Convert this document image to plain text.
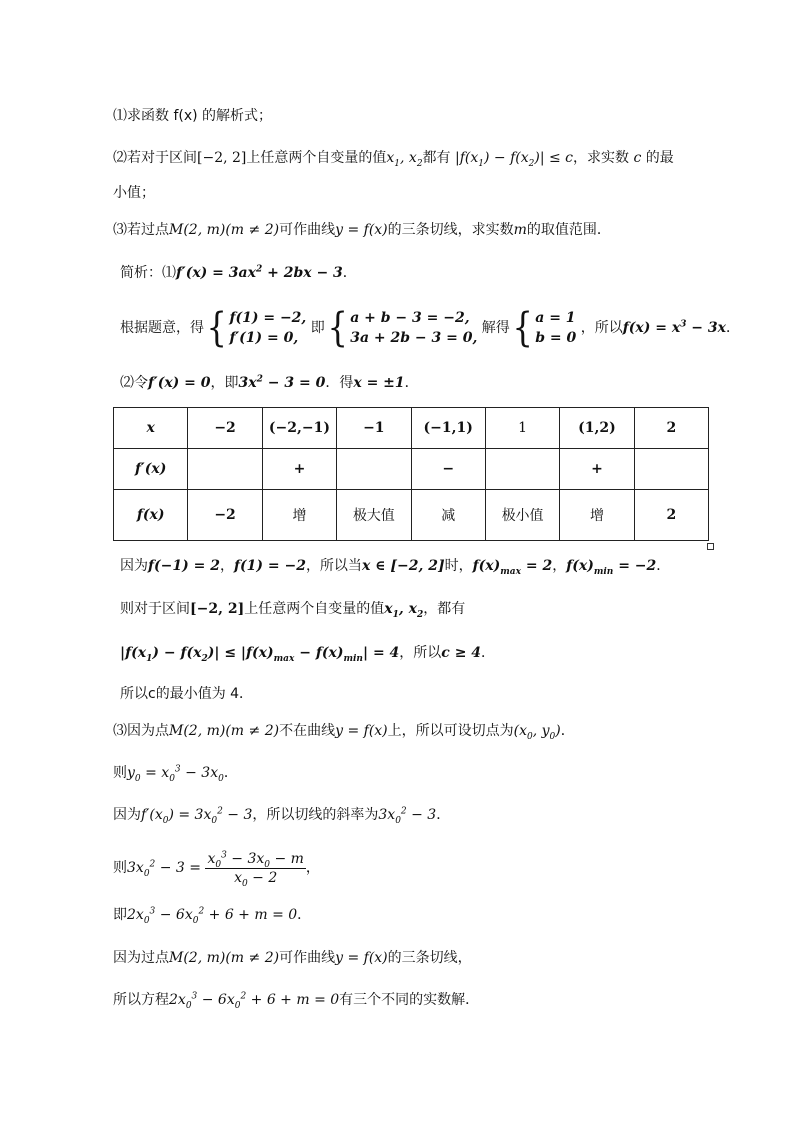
⑴求函数 f(x) 的解析式；
⑵若对于区间[−2, 2]上任意两个自变量的值$x_1$, $x_2$都有 $|f(x_1) - f(x_2)| \le c$，求实数 c 的最
小值；
⑶若过点M(2, m)(m ≠ 2)可作曲线y = f(x)的三条切线，求实数m的取值范围．
简析：⑴f′(x) = $3ax^2 + 2bx - 3$．
根据题意，得{ f(1) = −2,
f′(1) = 0,
即{ a + b − 3 = −2,
3a + 2b − 3 = 0,
解得{ a = 1
b = 0
，所以$f(x) = x^3 - 3x$．
⑵令f′(x) = 0，即$3x^2 - 3 = 0$．得x = ±1．
x	−2	(−2,−1)	−1	(−1,1)	1	(1,2)	2
f′(x)		+		−		+	
f(x)	−2	增	极大值	减	极小值	增	2
因为f(−1) = 2，f(1) = −2，所以当x ∈ [−2, 2]时，$f(x)_{max} = 2$，$f(x)_{min} = -2$．
则对于区间[−2, 2]上任意两个自变量的值$x_1$, $x_2$，都有
$|f(x_1) - f(x_2)| \le |f(x)_{max} - f(x)_{min}| = 4$，所以c ≥ 4．
所以c的最小值为 4．
⑶因为点M(2, m)(m ≠ 2)不在曲线y = f(x)上，所以可设切点为($x_0$, $y_0$)．
则$y_0 = x_0^3 - 3x_0$．
因为$f'(x_0) = 3x_0^2 - 3$，所以切线的斜率为$3x_0^2 - 3$．
则$3x_0^2 - 3 = \frac{x_0^3 - 3x_0 - m}{x_0 - 2}$ ，
即$2x_0^3 - 6x_0^2 + 6 + m = 0$．
因为过点M(2, m)(m ≠ 2)可作曲线y = f(x)的三条切线，
所以方程$2x_0^3 - 6x_0^2 + 6 + m = 0$有三个不同的实数解．
